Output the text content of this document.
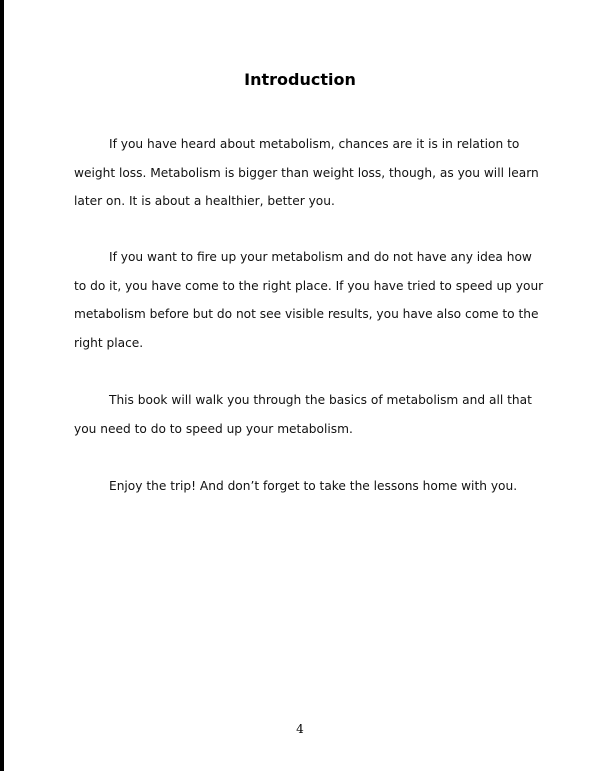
Introduction
If you have heard about metabolism, chances are it is in relation to
weight loss. Metabolism is bigger than weight loss, though, as you will learn
later on. It is about a healthier, better you.
If you want to fire up your metabolism and do not have any idea how
to do it, you have come to the right place. If you have tried to speed up your
metabolism before but do not see visible results, you have also come to the
right place.
This book will walk you through the basics of metabolism and all that
you need to do to speed up your metabolism.
Enjoy the trip! And don’t forget to take the lessons home with you.
4
